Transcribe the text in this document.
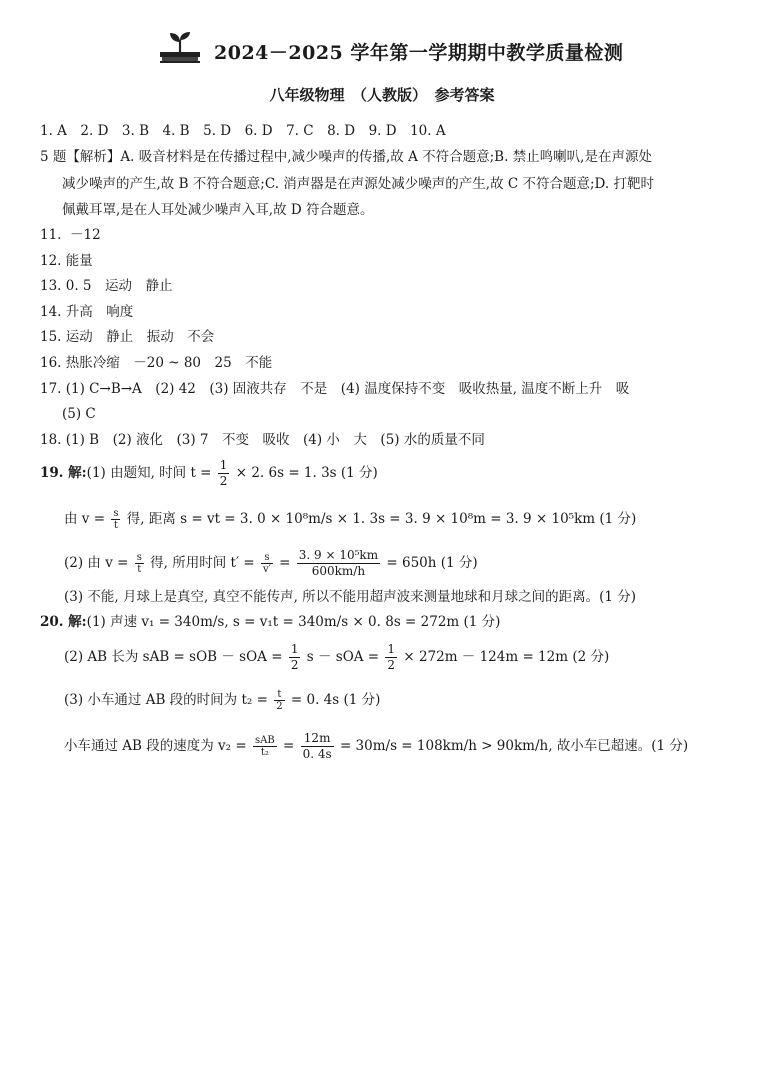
2024－2025 学年第一学期期中教学质量检测
八年级物理　（人教版）　参考答案
1. A　2. D　3. B　4. B　5. D　6. D　7. C　8. D　9. D　10. A
5 题【解析】A. 吸音材料是在传播过程中,减少噪声的传播,故 A 不符合题意;B. 禁止鸣喇叭,是在声源处
减少噪声的产生,故 B 不符合题意;C. 消声器是在声源处减少噪声的产生,故 C 不符合题意;D. 打靶时
佩戴耳罩,是在人耳处减少噪声入耳,故 D 符合题意。
11.  －12
12. 能量
13. 0. 5　运动　静止
14. 升高　响度
15. 运动　静止　振动　不会
16. 热胀冷缩　－20 ~ 80　25　不能
17. (1) C→B→A　(2) 42　(3) 固液共存　不是　(4) 温度保持不变　吸收热量, 温度不断上升　吸
(5) C
18. (1) B　(2) 液化　(3) 7　不变　吸收　(4) 小　大　(5) 水的质量不同
19. 解:(1) 由题知, 时间 $t = \frac{1}{2} \times 2$. 6s = 1. 3s (1 分)
由 $v = \frac{s}{t}$ 得, 距离 s = vt = 3. 0 × 10⁸m/s × 1. 3s = 3. 9 × 10⁸m = 3. 9 × 10⁵km (1 分)
(2) 由 $v = \frac{s}{t}$ 得, 所用时间 $t' = \frac{s}{v'} = \frac{\text{3. 9 × 10⁵km}}{600km/h} = 650h$ (1 分)
(3) 不能, 月球上是真空, 真空不能传声, 所以不能用超声波来测量地球和月球之间的距离。(1 分)
20. 解:(1) 声速 v₁ = 340m/s, s = v₁t = 340m/s × 0. 8s = 272m (1 分)
(2) AB 长为 sAB = sOB － sOA = $\frac{1}{2}$ s － sOA = $\frac{1}{2} \times 272m - 124m = 12m$ (2 分)
(3) 小车通过 AB 段的时间为 $t_2 = \frac{t}{2} = 0$. 4s (1 分)
小车通过 AB 段的速度为 $v_2 = \frac{\text{sAB}}{\text{t₂}} = \frac{12m}{0. 4s} = 30m/s = 108km/h > 90km/h$, 故小车已超速。(1 分)
